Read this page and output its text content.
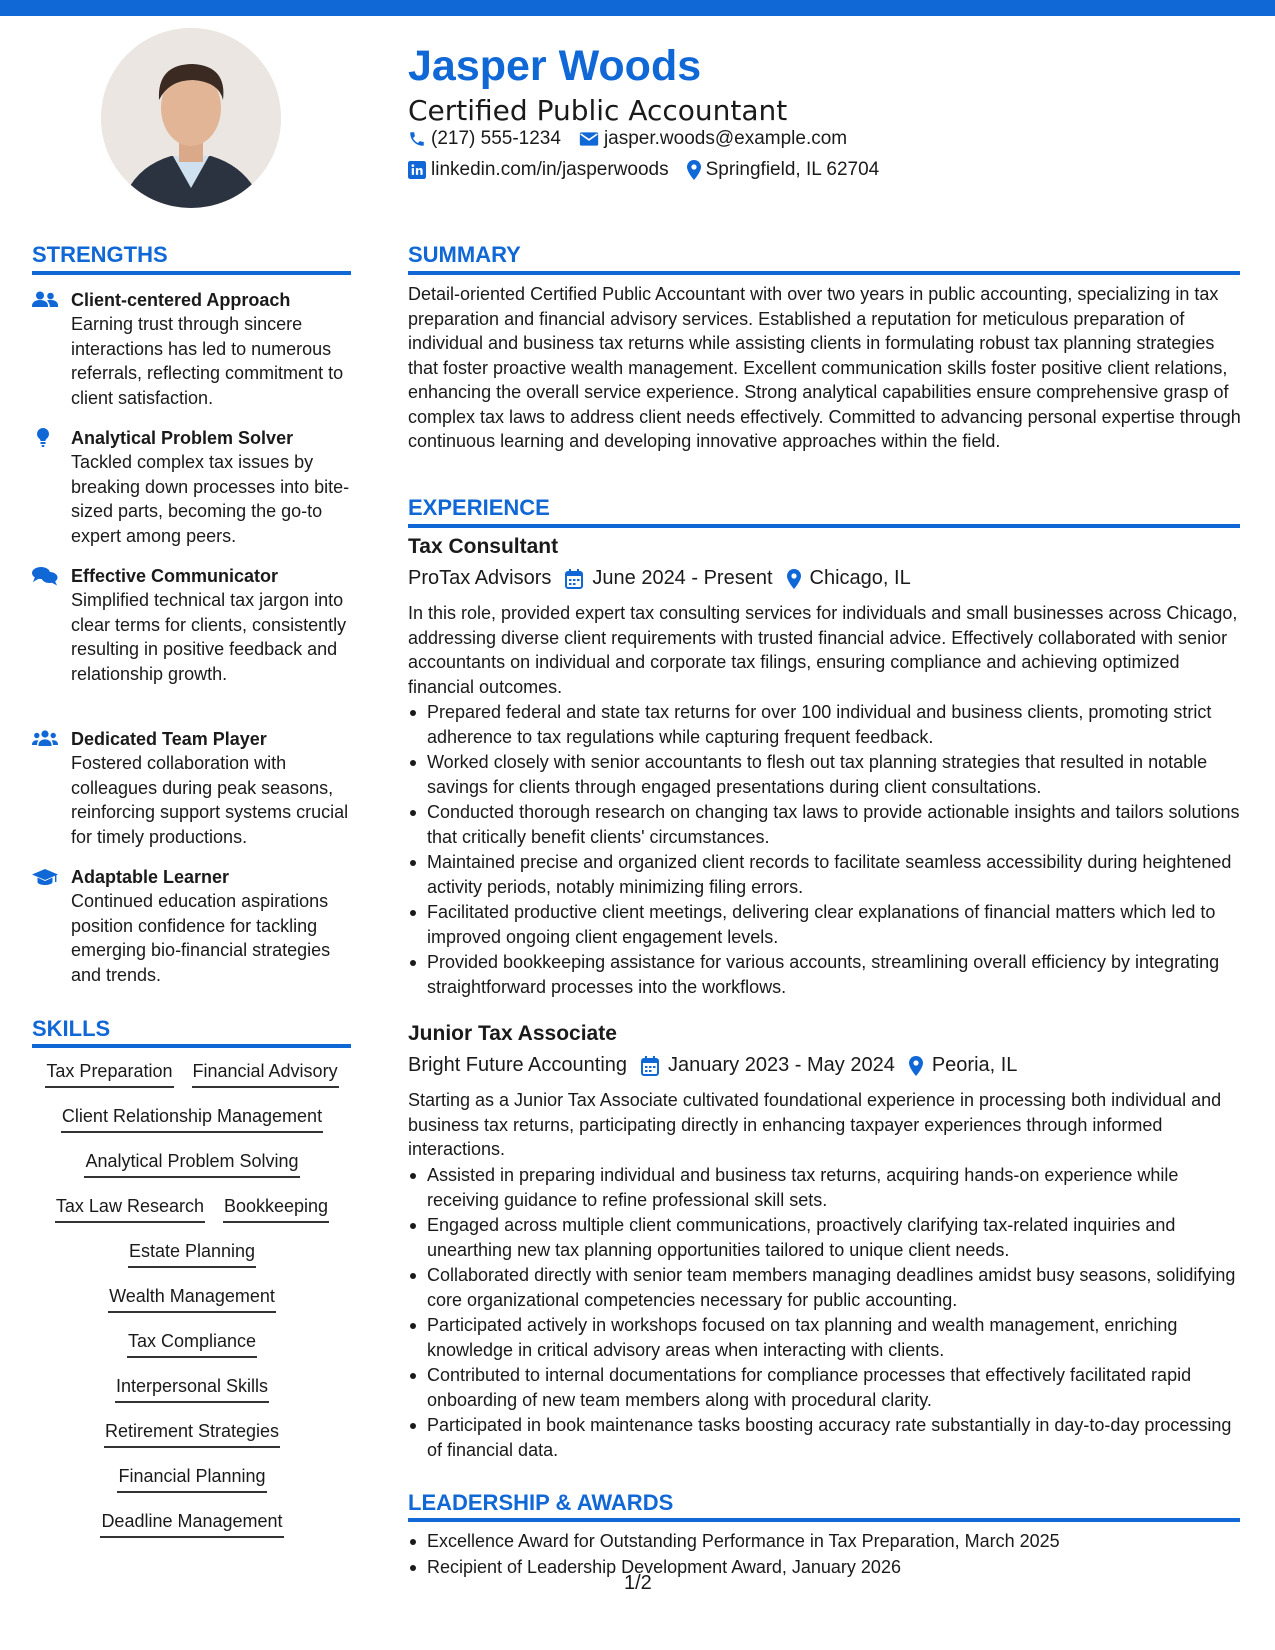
Jasper Woods
Certified Public Accountant
(217) 555-1234 jasper.woods@example.com
linkedin.com/in/jasperwoods Springfield, IL 62704
STRENGTHS
Client-centered Approach
Earning trust through sincere interactions has led to numerous referrals, reflecting commitment to client satisfaction.
Analytical Problem Solver
Tackled complex tax issues by breaking down processes into bite-sized parts, becoming the go-to expert among peers.
Effective Communicator
Simplified technical tax jargon into clear terms for clients, consistently resulting in positive feedback and relationship growth.
Dedicated Team Player
Fostered collaboration with colleagues during peak seasons, reinforcing support systems crucial for timely productions.
Adaptable Learner
Continued education aspirations position confidence for tackling emerging bio-financial strategies and trends.
SKILLS
Tax Preparation Financial Advisory
Client Relationship Management
Analytical Problem Solving
Tax Law Research Bookkeeping
Estate Planning
Wealth Management
Tax Compliance
Interpersonal Skills
Retirement Strategies
Financial Planning
Deadline Management
SUMMARY
Detail-oriented Certified Public Accountant with over two years in public accounting, specializing in tax preparation and financial advisory services. Established a reputation for meticulous preparation of individual and business tax returns while assisting clients in formulating robust tax planning strategies that foster proactive wealth management. Excellent communication skills foster positive client relations, enhancing the overall service experience. Strong analytical capabilities ensure comprehensive grasp of complex tax laws to address client needs effectively. Committed to advancing personal expertise through continuous learning and developing innovative approaches within the field.
EXPERIENCE
Tax Consultant
ProTax Advisors June 2024 - Present Chicago, IL
In this role, provided expert tax consulting services for individuals and small businesses across Chicago, addressing diverse client requirements with trusted financial advice. Effectively collaborated with senior accountants on individual and corporate tax filings, ensuring compliance and achieving optimized financial outcomes.
Prepared federal and state tax returns for over 100 individual and business clients, promoting strict adherence to tax regulations while capturing frequent feedback.
Worked closely with senior accountants to flesh out tax planning strategies that resulted in notable savings for clients through engaged presentations during client consultations.
Conducted thorough research on changing tax laws to provide actionable insights and tailors solutions that critically benefit clients' circumstances.
Maintained precise and organized client records to facilitate seamless accessibility during heightened activity periods, notably minimizing filing errors.
Facilitated productive client meetings, delivering clear explanations of financial matters which led to improved ongoing client engagement levels.
Provided bookkeeping assistance for various accounts, streamlining overall efficiency by integrating straightforward processes into the workflows.
Junior Tax Associate
Bright Future Accounting January 2023 - May 2024 Peoria, IL
Starting as a Junior Tax Associate cultivated foundational experience in processing both individual and business tax returns, participating directly in enhancing taxpayer experiences through informed interactions.
Assisted in preparing individual and business tax returns, acquiring hands-on experience while receiving guidance to refine professional skill sets.
Engaged across multiple client communications, proactively clarifying tax-related inquiries and unearthing new tax planning opportunities tailored to unique client needs.
Collaborated directly with senior team members managing deadlines amidst busy seasons, solidifying core organizational competencies necessary for public accounting.
Participated actively in workshops focused on tax planning and wealth management, enriching knowledge in critical advisory areas when interacting with clients.
Contributed to internal documentations for compliance processes that effectively facilitated rapid onboarding of new team members along with procedural clarity.
Participated in book maintenance tasks boosting accuracy rate substantially in day-to-day processing of financial data.
LEADERSHIP & AWARDS
Excellence Award for Outstanding Performance in Tax Preparation, March 2025
Recipient of Leadership Development Award, January 2026
1/2
